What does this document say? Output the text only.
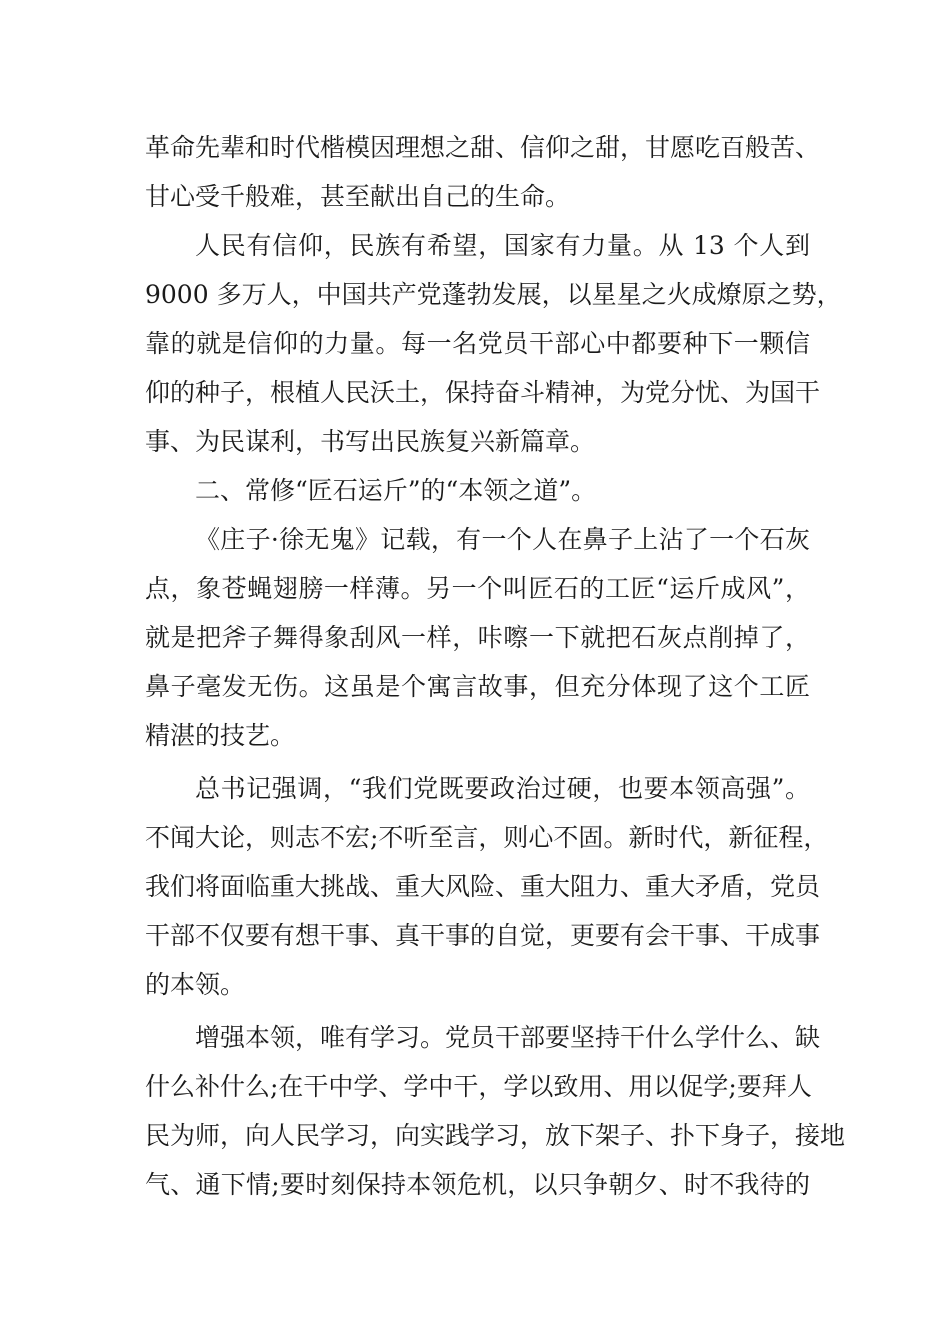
革命先辈和时代楷模因理想之甜、信仰之甜，甘愿吃百般苦、
甘心受千般难，甚至献出自己的生命。
人民有信仰，民族有希望，国家有力量。从 13 个人到
9000 多万人，中国共产党蓬勃发展，以星星之火成燎原之势，
靠的就是信仰的力量。每一名党员干部心中都要种下一颗信
仰的种子，根植人民沃土，保持奋斗精神，为党分忧、为国干
事、为民谋利，书写出民族复兴新篇章。
二、常修“匠石运斤”的“本领之道”。
《庄子·徐无鬼》记载，有一个人在鼻子上沾了一个石灰
点，象苍蝇翅膀一样薄。另一个叫匠石的工匠“运斤成风”，
就是把斧子舞得象刮风一样，咔嚓一下就把石灰点削掉了，
鼻子毫发无伤。这虽是个寓言故事，但充分体现了这个工匠
精湛的技艺。
总书记强调，“我们党既要政治过硬，也要本领高强”。
不闻大论，则志不宏;不听至言，则心不固。新时代，新征程，
我们将面临重大挑战、重大风险、重大阻力、重大矛盾，党员
干部不仅要有想干事、真干事的自觉，更要有会干事、干成事
的本领。
增强本领，唯有学习。党员干部要坚持干什么学什么、缺
什么补什么;在干中学、学中干，学以致用、用以促学;要拜人
民为师，向人民学习，向实践学习，放下架子、扑下身子，接地
气、通下情;要时刻保持本领危机，以只争朝夕、时不我待的
